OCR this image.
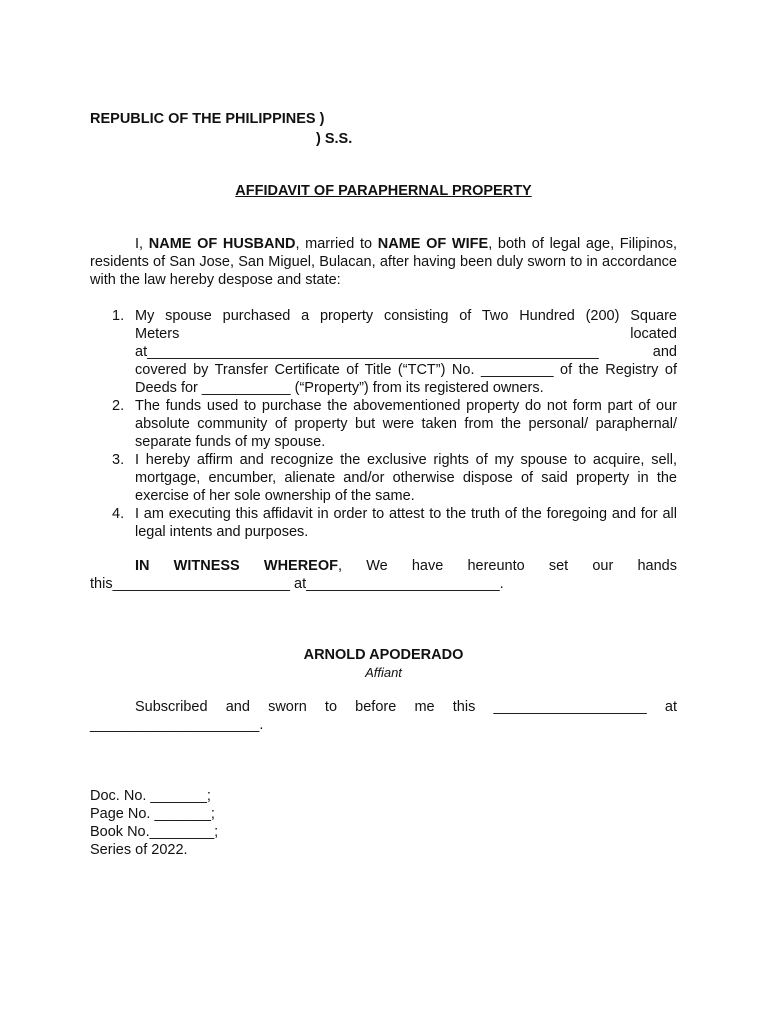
REPUBLIC OF THE PHILIPPINES )
) S.S.
AFFIDAVIT OF PARAPHERNAL PROPERTY
I, NAME OF HUSBAND, married to NAME OF WIFE, both of legal age, Filipinos, residents of San Jose, San Miguel, Bulacan, after having been duly sworn to in accordance with the law hereby despose and state:
1. My spouse purchased a property consisting of Two Hundred (200) Square
Meters	located
at________________________________________________________	and
covered by Transfer Certificate of Title (“TCT”) No. _________ of the Registry of
Deeds for ___________ (“Property”) from its registered owners.
2. The funds used to purchase the abovementioned property do not form part of our absolute community of property but were taken from the personal/ paraphernal/ separate funds of my spouse.
3. I hereby affirm and recognize the exclusive rights of my spouse to acquire, sell, mortgage, encumber, alienate and/or otherwise dispose of said property in the exercise of her sole ownership of the same.
4. I am executing this affidavit in order to attest to the truth of the foregoing and for all legal intents and purposes.
IN WITNESS WHEREOF, We have hereunto set our hands
this______________________ at________________________.
ARNOLD APODERADO
Affiant
Subscribed and sworn to before me this ___________________ at
_____________________.
Doc. No. _______;
Page No. _______;
Book No.________;
Series of 2022.
